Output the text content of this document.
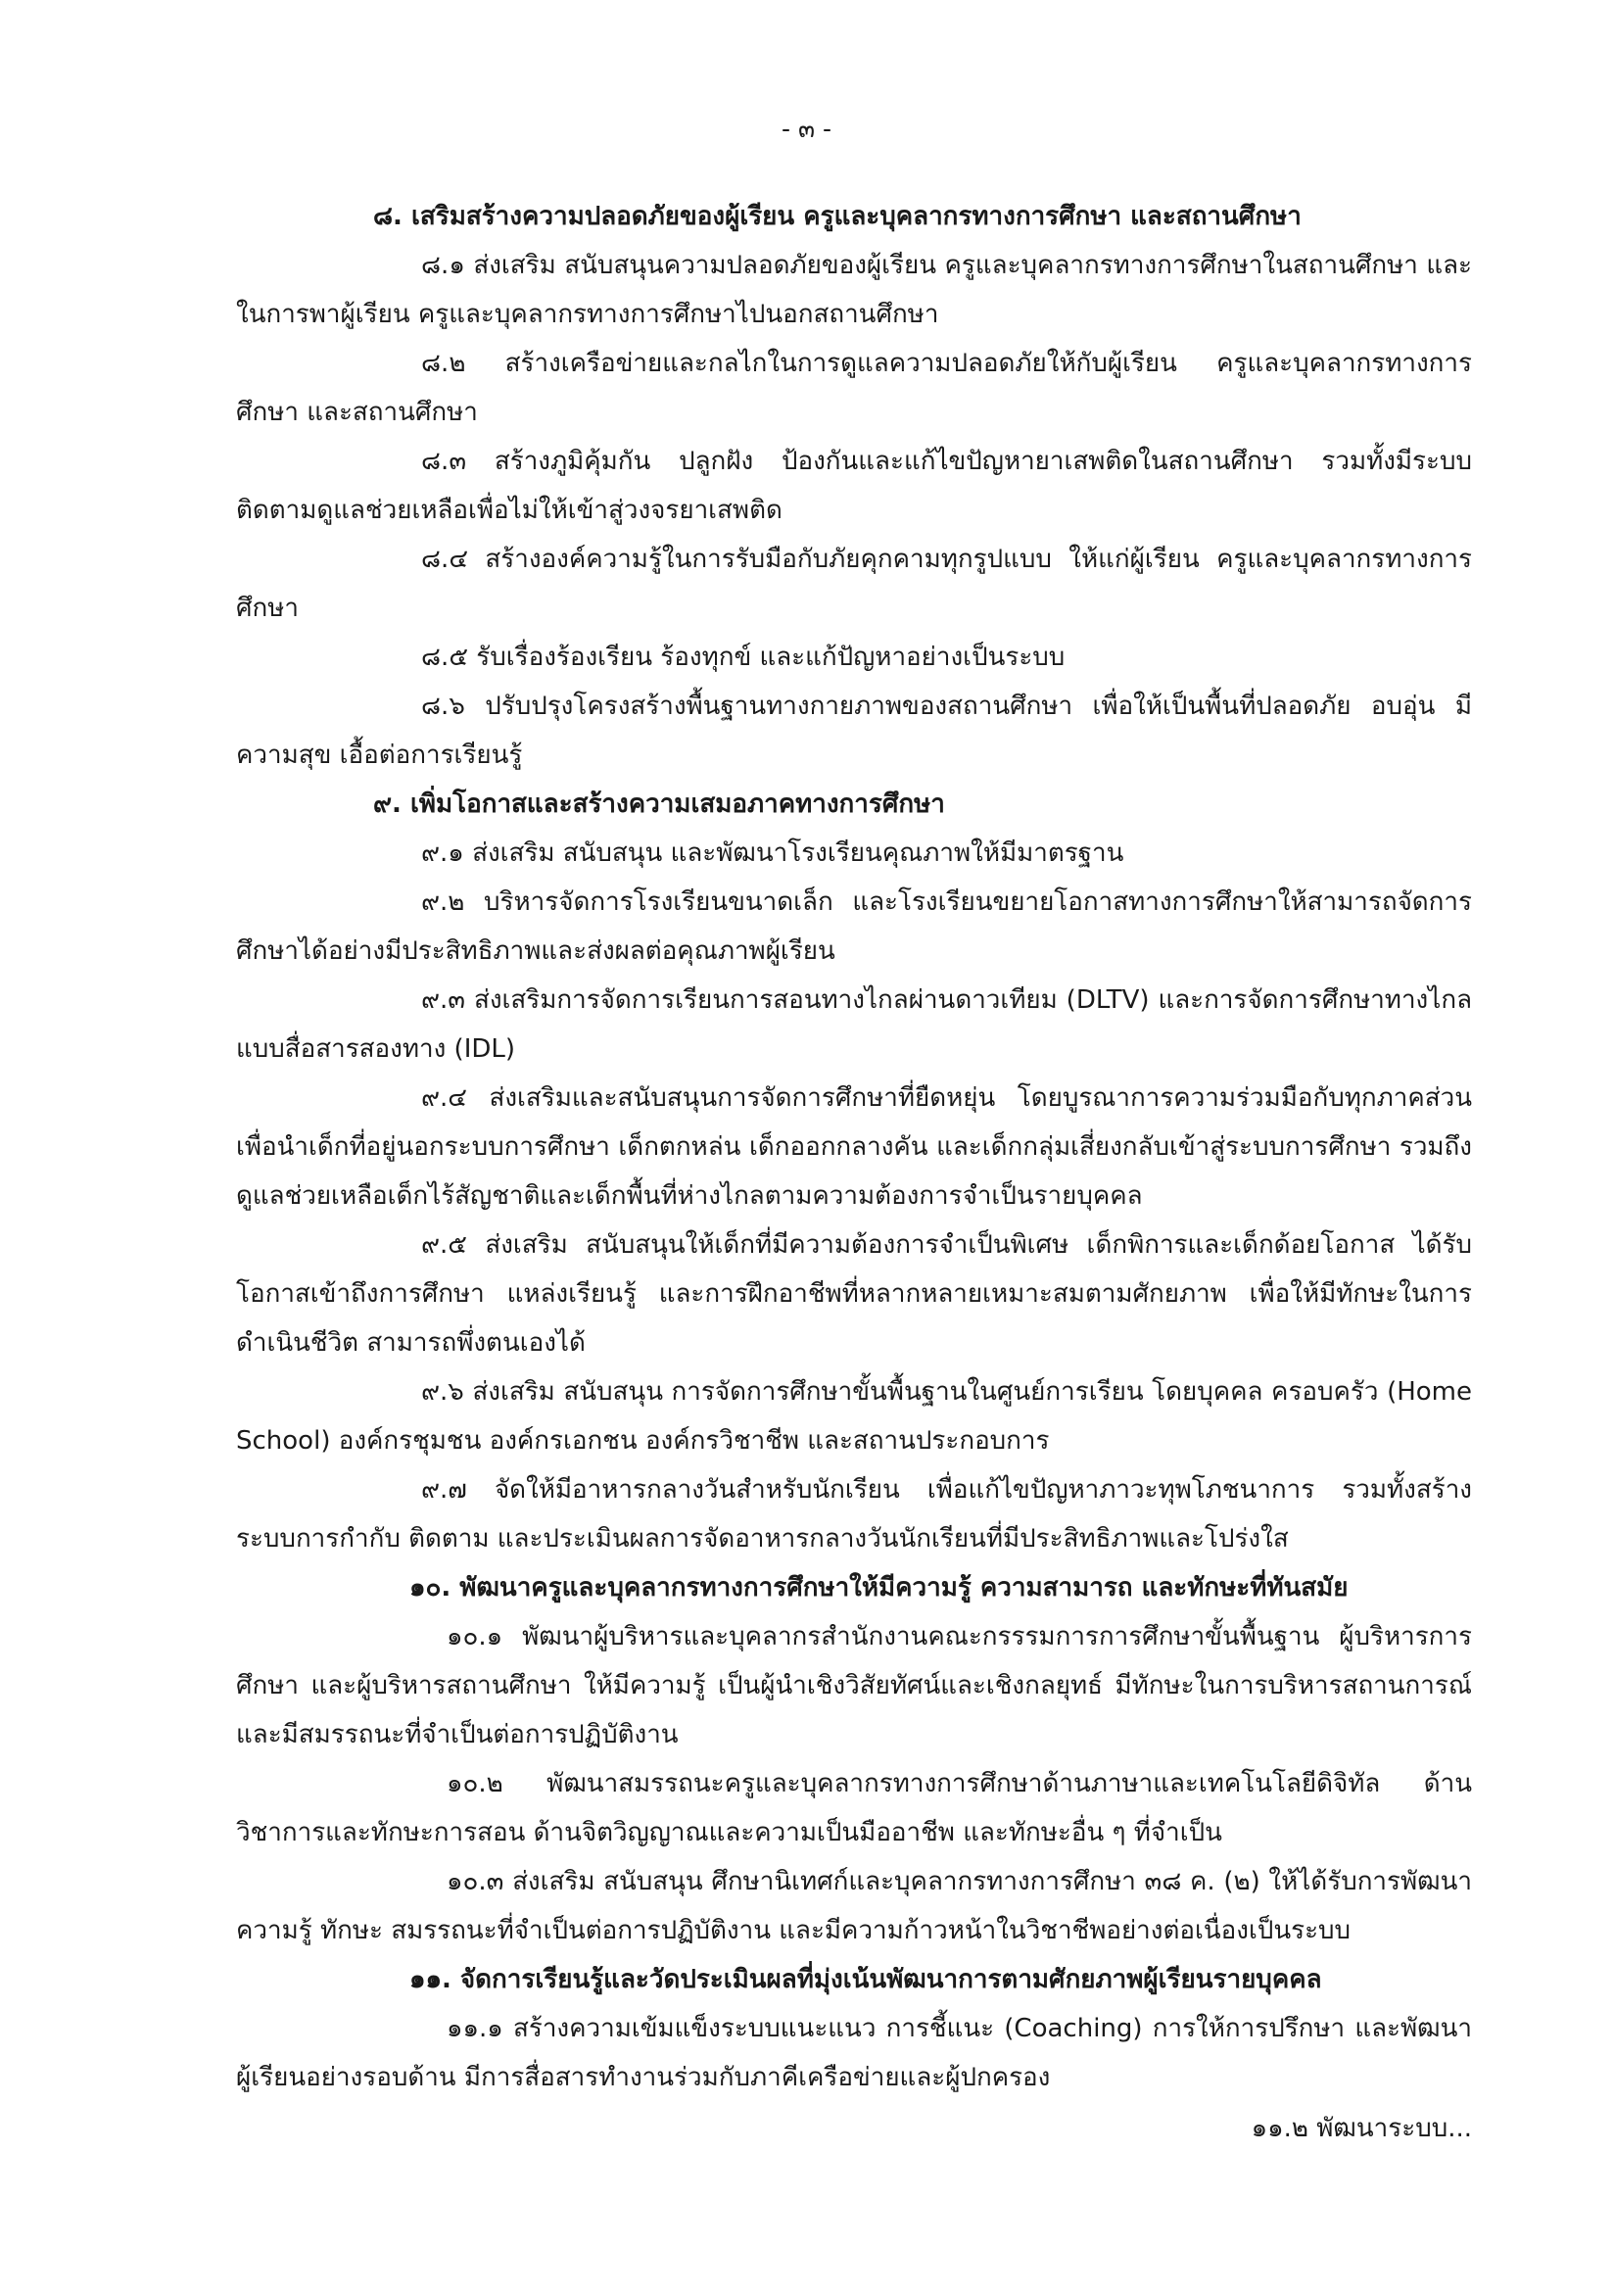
- ๓ -

๘. เสริมสร้างความปลอดภัยของผู้เรียน ครูและบุคลากรทางการศึกษา และสถานศึกษา

๘.๑ ส่งเสริม สนับสนุนความปลอดภัยของผู้เรียน ครูและบุคลากรทางการศึกษาในสถานศึกษา และในการพาผู้เรียน ครูและบุคลากรทางการศึกษาไปนอกสถานศึกษา

๘.๒ สร้างเครือข่ายและกลไกในการดูแลความปลอดภัยให้กับผู้เรียน ครูและบุคลากรทางการศึกษา และสถานศึกษา

๘.๓ สร้างภูมิคุ้มกัน ปลูกฝัง ป้องกันและแก้ไขปัญหายาเสพติดในสถานศึกษา รวมทั้งมีระบบติดตามดูแลช่วยเหลือเพื่อไม่ให้เข้าสู่วงจรยาเสพติด

๘.๔ สร้างองค์ความรู้ในการรับมือกับภัยคุกคามทุกรูปแบบ ให้แก่ผู้เรียน ครูและบุคลากรทางการศึกษา

๘.๕ รับเรื่องร้องเรียน ร้องทุกข์ และแก้ปัญหาอย่างเป็นระบบ

๘.๖ ปรับปรุงโครงสร้างพื้นฐานทางกายภาพของสถานศึกษา เพื่อให้เป็นพื้นที่ปลอดภัย อบอุ่น มีความสุข เอื้อต่อการเรียนรู้

๙. เพิ่มโอกาสและสร้างความเสมอภาคทางการศึกษา

๙.๑ ส่งเสริม สนับสนุน และพัฒนาโรงเรียนคุณภาพให้มีมาตรฐาน

๙.๒ บริหารจัดการโรงเรียนขนาดเล็ก และโรงเรียนขยายโอกาสทางการศึกษาให้สามารถจัดการศึกษาได้อย่างมีประสิทธิภาพและส่งผลต่อคุณภาพผู้เรียน

๙.๓ ส่งเสริมการจัดการเรียนการสอนทางไกลผ่านดาวเทียม (DLTV) และการจัดการศึกษาทางไกลแบบสื่อสารสองทาง (IDL)

๙.๔ ส่งเสริมและสนับสนุนการจัดการศึกษาที่ยืดหยุ่น โดยบูรณาการความร่วมมือกับทุกภาคส่วน เพื่อนำเด็กที่อยู่นอกระบบการศึกษา เด็กตกหล่น เด็กออกกลางคัน และเด็กกลุ่มเสี่ยงกลับเข้าสู่ระบบการศึกษา รวมถึงดูแลช่วยเหลือเด็กไร้สัญชาติและเด็กพื้นที่ห่างไกลตามความต้องการจำเป็นรายบุคคล

๙.๕ ส่งเสริม สนับสนุนให้เด็กที่มีความต้องการจำเป็นพิเศษ เด็กพิการและเด็กด้อยโอกาส ได้รับโอกาสเข้าถึงการศึกษา แหล่งเรียนรู้ และการฝึกอาชีพที่หลากหลายเหมาะสมตามศักยภาพ เพื่อให้มีทักษะในการดำเนินชีวิต สามารถพึ่งตนเองได้

๙.๖ ส่งเสริม สนับสนุน การจัดการศึกษาขั้นพื้นฐานในศูนย์การเรียน โดยบุคคล ครอบครัว (Home School) องค์กรชุมชน องค์กรเอกชน องค์กรวิชาชีพ และสถานประกอบการ

๙.๗ จัดให้มีอาหารกลางวันสำหรับนักเรียน เพื่อแก้ไขปัญหาภาวะทุพโภชนาการ รวมทั้งสร้างระบบการกำกับ ติดตาม และประเมินผลการจัดอาหารกลางวันนักเรียนที่มีประสิทธิภาพและโปร่งใส

๑๐. พัฒนาครูและบุคลากรทางการศึกษาให้มีความรู้ ความสามารถ และทักษะที่ทันสมัย

๑๐.๑ พัฒนาผู้บริหารและบุคลากรสำนักงานคณะกรรรมการการศึกษาขั้นพื้นฐาน ผู้บริหารการศึกษา และผู้บริหารสถานศึกษา ให้มีความรู้ เป็นผู้นำเชิงวิสัยทัศน์และเชิงกลยุทธ์ มีทักษะในการบริหารสถานการณ์ และมีสมรรถนะที่จำเป็นต่อการปฏิบัติงาน

๑๐.๒ พัฒนาสมรรถนะครูและบุคลากรทางการศึกษาด้านภาษาและเทคโนโลยีดิจิทัล ด้านวิชาการและทักษะการสอน ด้านจิตวิญญาณและความเป็นมืออาชีพ และทักษะอื่น ๆ ที่จำเป็น

๑๐.๓ ส่งเสริม สนับสนุน ศึกษานิเทศก์และบุคลากรทางการศึกษา ๓๘ ค. (๒) ให้ได้รับการพัฒนาความรู้ ทักษะ สมรรถนะที่จำเป็นต่อการปฏิบัติงาน และมีความก้าวหน้าในวิชาชีพอย่างต่อเนื่องเป็นระบบ

๑๑. จัดการเรียนรู้และวัดประเมินผลที่มุ่งเน้นพัฒนาการตามศักยภาพผู้เรียนรายบุคคล

๑๑.๑ สร้างความเข้มแข็งระบบแนะแนว การชี้แนะ (Coaching) การให้การปรึกษา และพัฒนาผู้เรียนอย่างรอบด้าน มีการสื่อสารทำงานร่วมกับภาคีเครือข่ายและผู้ปกครอง

๑๑.๒ พัฒนาระบบ...
